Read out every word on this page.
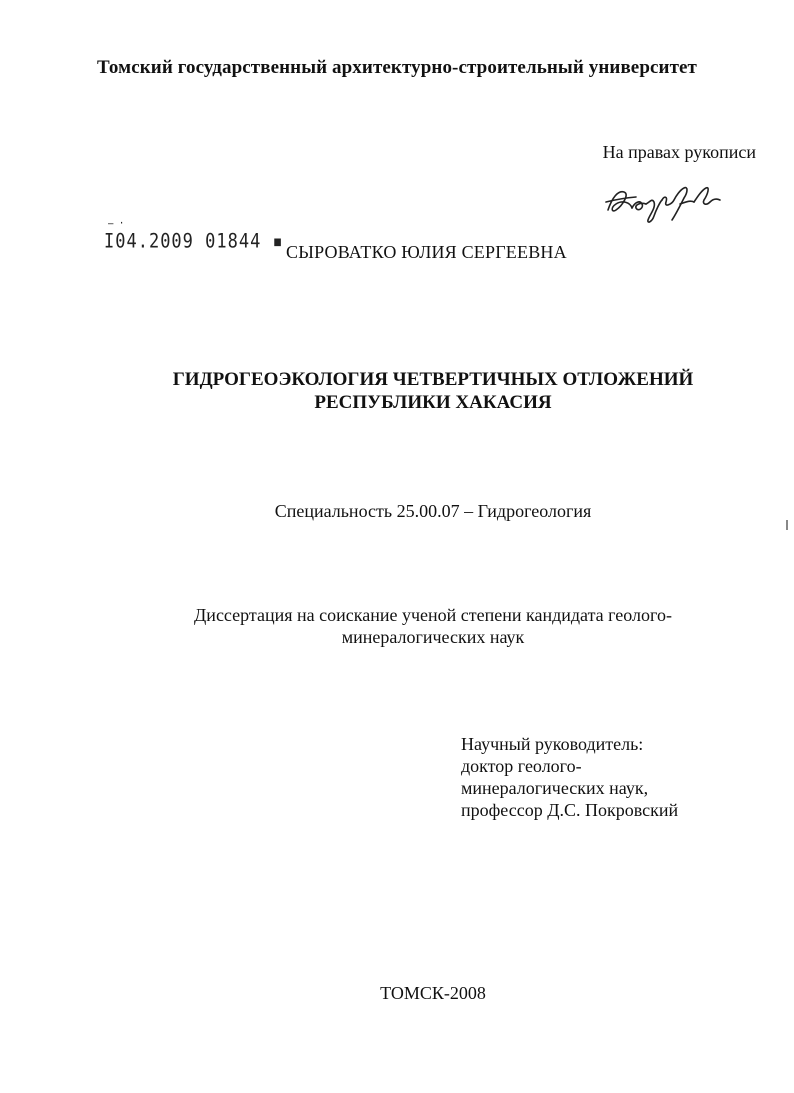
Томский государственный архитектурно-строительный университет
На правах рукописи
I04.2009 01844 ▪
– ·
СЫРОВАТКО ЮЛИЯ СЕРГЕЕВНА
ГИДРОГЕОЭКОЛОГИЯ ЧЕТВЕРТИЧНЫХ ОТЛОЖЕНИЙ
РЕСПУБЛИКИ ХАКАСИЯ
Специальность 25.00.07 – Гидрогеология
Диссертация на соискание ученой степени кандидата геолого-
минералогических наук
Научный руководитель:
доктор геолого-
минералогических наук,
профессор Д.С. Покровский
ТОМСК-2008
